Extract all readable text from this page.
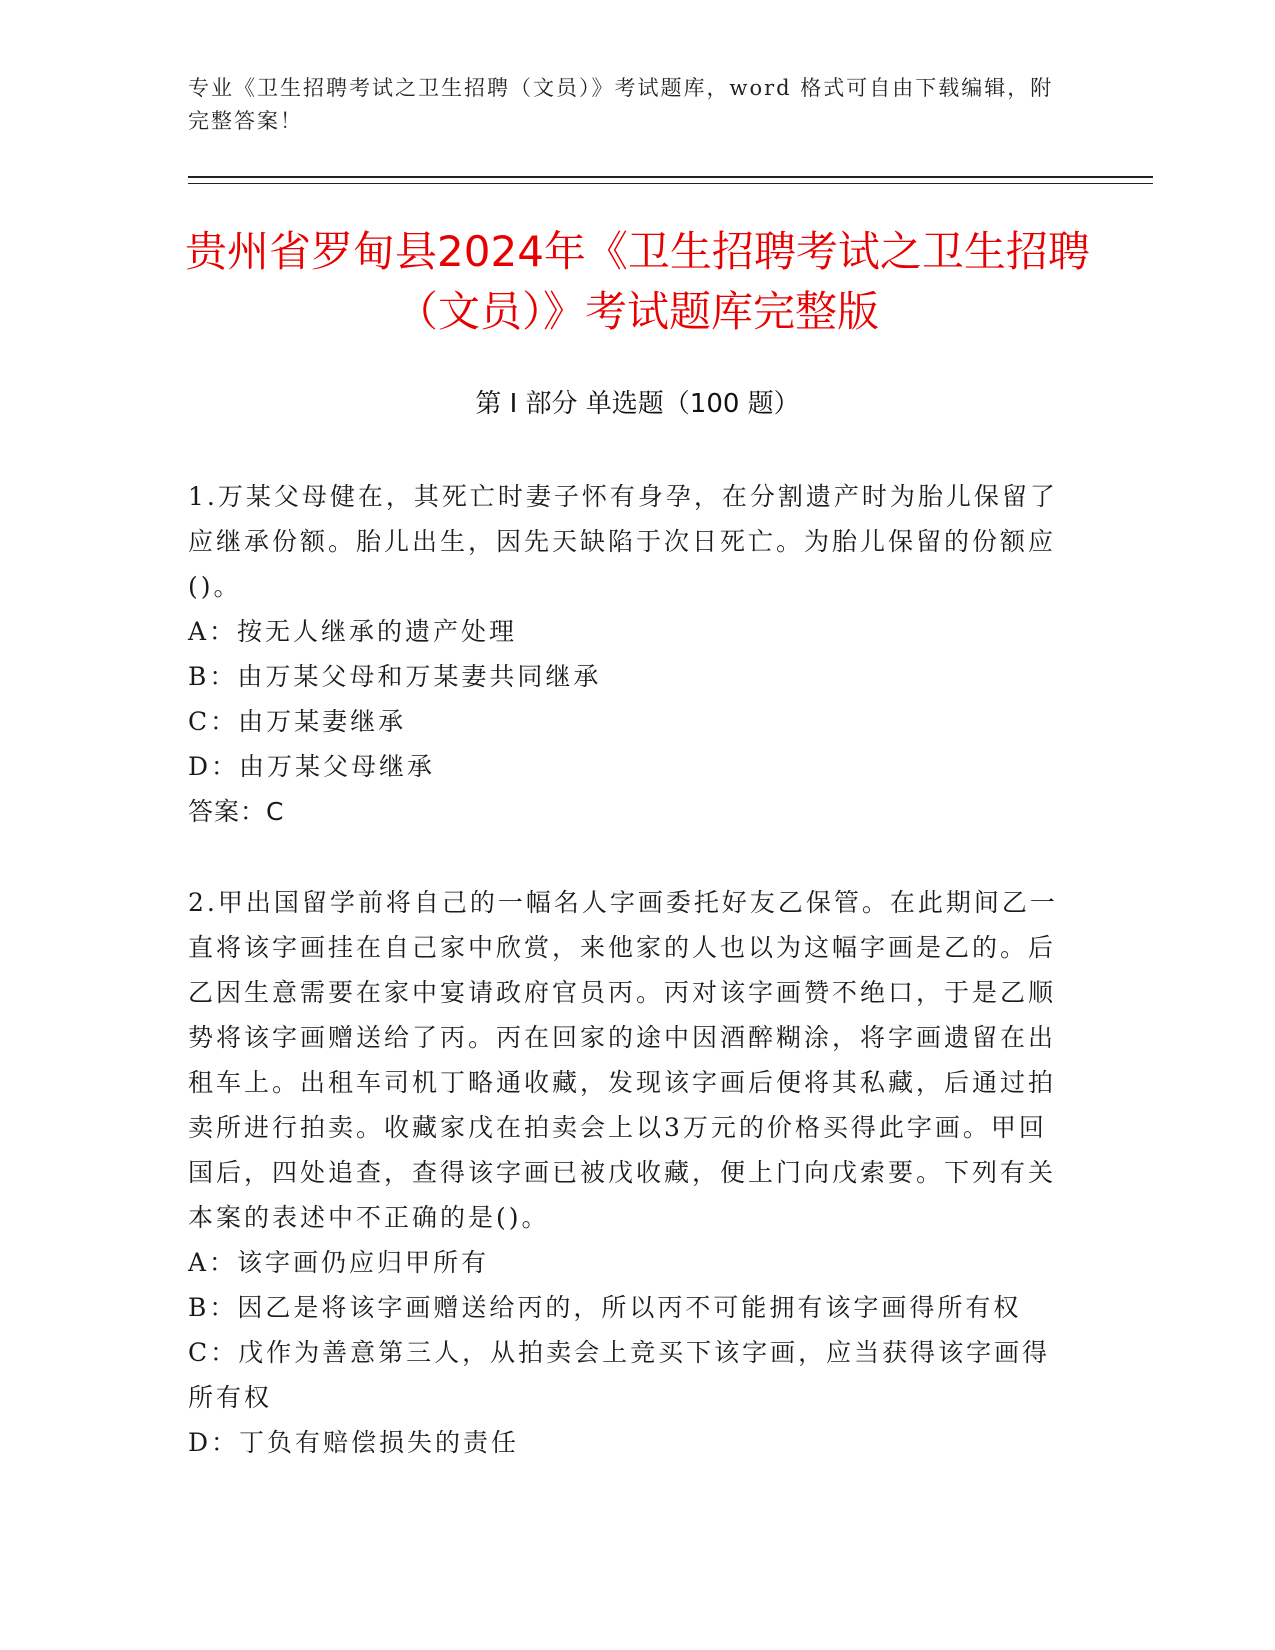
专业《卫生招聘考试之卫生招聘（文员）》考试题库，word 格式可自由下载编辑，附完整答案！
贵州省罗甸县2024年《卫生招聘考试之卫生招聘（文员）》考试题库完整版
第 I 部分 单选题（100 题）

1.万某父母健在，其死亡时妻子怀有身孕，在分割遗产时为胎儿保留了应继承份额。胎儿出生，因先天缺陷于次日死亡。为胎儿保留的份额应()。

A：按无人继承的遗产处理
B：由万某父母和万某妻共同继承
C：由万某妻继承
D：由万某父母继承
答案：C

2.甲出国留学前将自己的一幅名人字画委托好友乙保管。在此期间乙一直将该字画挂在自己家中欣赏，来他家的人也以为这幅字画是乙的。后乙因生意需要在家中宴请政府官员丙。丙对该字画赞不绝口，于是乙顺势将该字画赠送给了丙。丙在回家的途中因酒醉糊涂，将字画遗留在出租车上。出租车司机丁略通收藏，发现该字画后便将其私藏，后通过拍卖所进行拍卖。收藏家戊在拍卖会上以3万元的价格买得此字画。甲回国后，四处追查，查得该字画已被戊收藏，便上门向戊索要。下列有关本案的表述中不正确的是()。

A：该字画仍应归甲所有
B：因乙是将该字画赠送给丙的，所以丙不可能拥有该字画得所有权
C：戊作为善意第三人，从拍卖会上竞买下该字画，应当获得该字画得所有权
D：丁负有赔偿损失的责任
